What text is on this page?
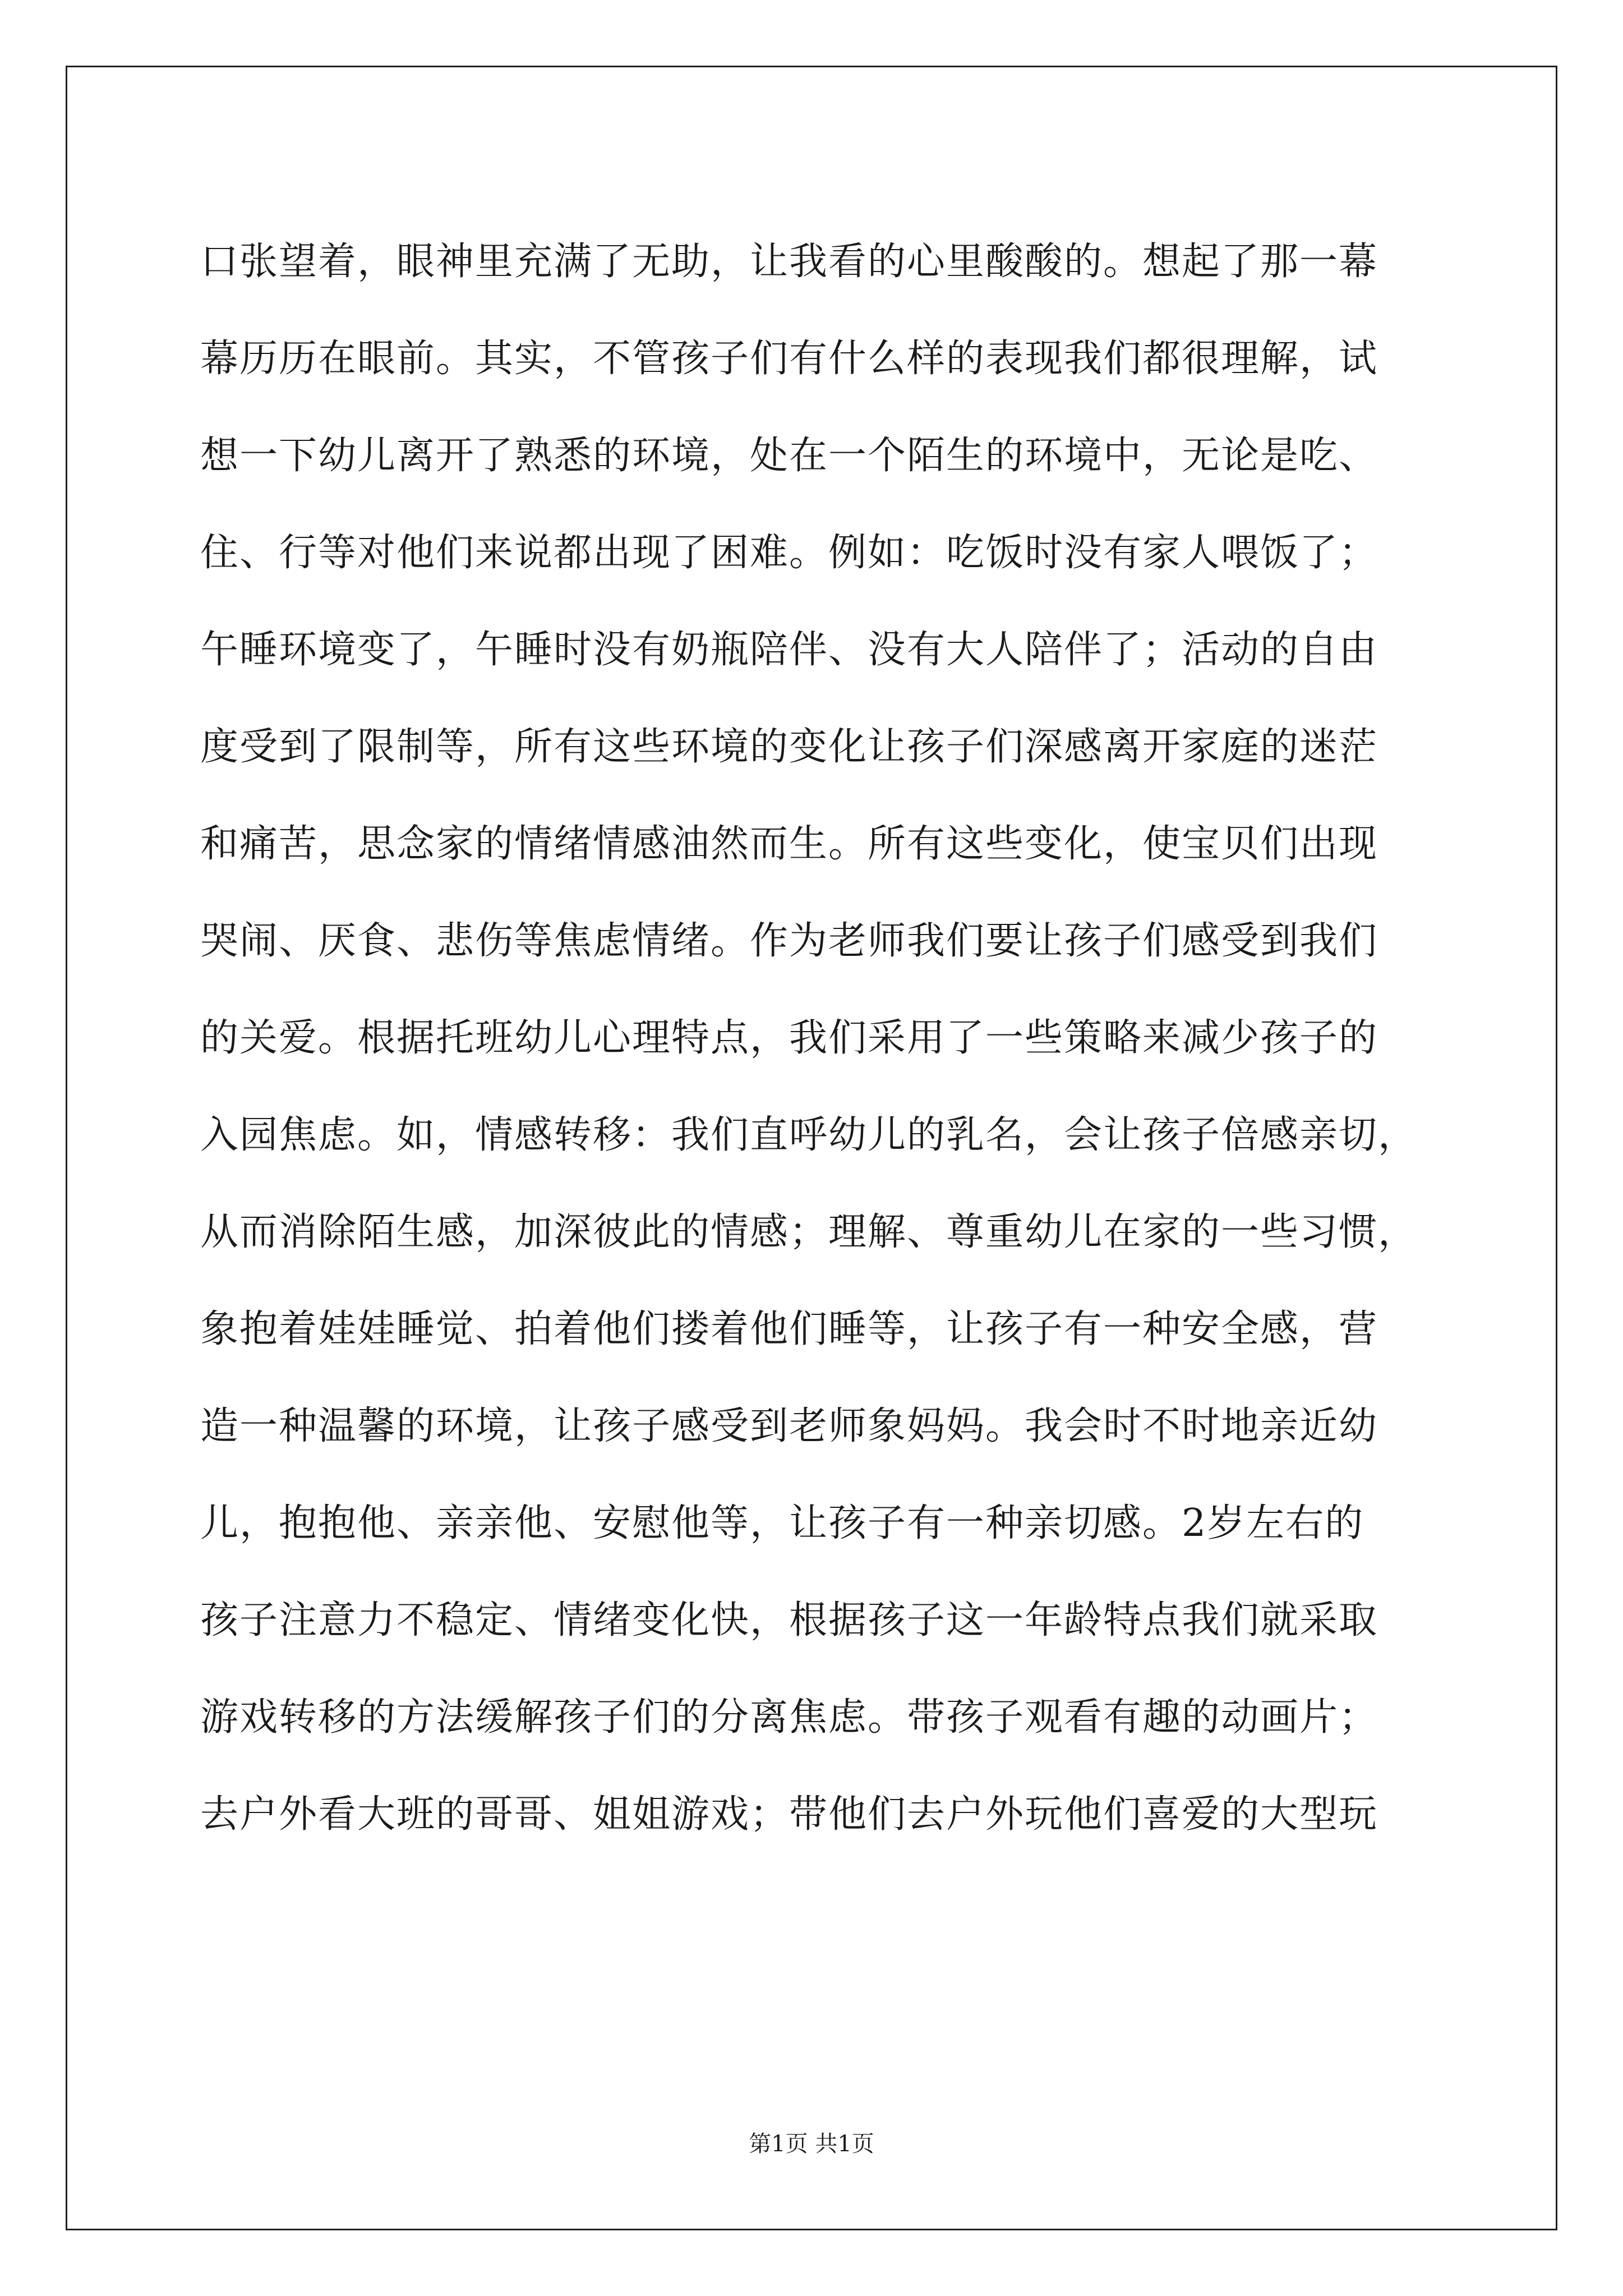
口张望着，眼神里充满了无助，让我看的心里酸酸的。想起了那一幕
幕历历在眼前。其实，不管孩子们有什么样的表现我们都很理解，试
想一下幼儿离开了熟悉的环境，处在一个陌生的环境中，无论是吃、
住、行等对他们来说都出现了困难。例如：吃饭时没有家人喂饭了；
午睡环境变了，午睡时没有奶瓶陪伴、没有大人陪伴了；活动的自由
度受到了限制等，所有这些环境的变化让孩子们深感离开家庭的迷茫
和痛苦，思念家的情绪情感油然而生。所有这些变化，使宝贝们出现
哭闹、厌食、悲伤等焦虑情绪。作为老师我们要让孩子们感受到我们
的关爱。根据托班幼儿心理特点，我们采用了一些策略来减少孩子的
入园焦虑。如，情感转移：我们直呼幼儿的乳名，会让孩子倍感亲切，
从而消除陌生感，加深彼此的情感；理解、尊重幼儿在家的一些习惯，
象抱着娃娃睡觉、拍着他们搂着他们睡等，让孩子有一种安全感，营
造一种温馨的环境，让孩子感受到老师象妈妈。我会时不时地亲近幼
儿，抱抱他、亲亲他、安慰他等，让孩子有一种亲切感。2岁左右的
孩子注意力不稳定、情绪变化快，根据孩子这一年龄特点我们就采取
游戏转移的方法缓解孩子们的分离焦虑。带孩子观看有趣的动画片；
去户外看大班的哥哥、姐姐游戏；带他们去户外玩他们喜爱的大型玩
第1页 共1页
